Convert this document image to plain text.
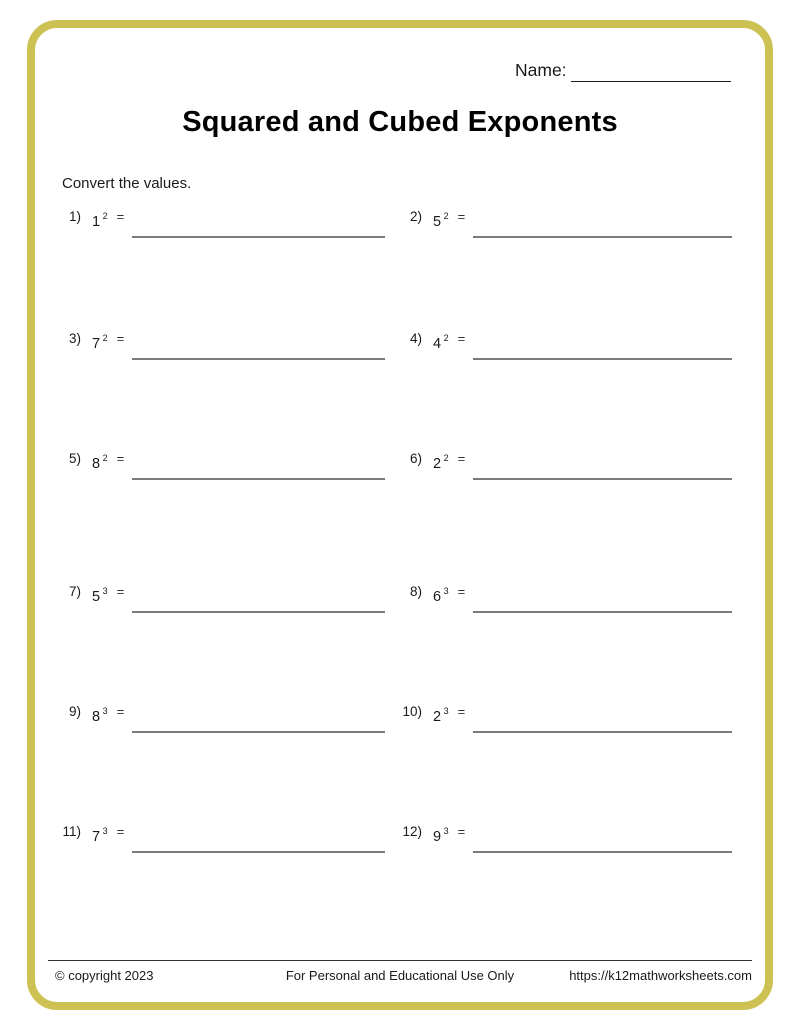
Name:
Squared and Cubed Exponents
Convert the values.
1) 1 $^2$ =	2) 5 $^2$ =
3) 7 $^2$ =	4) 4 $^2$ =
5) 8 $^2$ =	6) 2 $^2$ =
7) 5 $^3$ =	8) 6 $^3$ =
9) 8 $^3$ =	10) 2 $^3$ =
11) 7 $^3$ =	12) 9 $^3$ =
© copyright 2023	For Personal and Educational Use Only	https://k12mathworksheets.com
